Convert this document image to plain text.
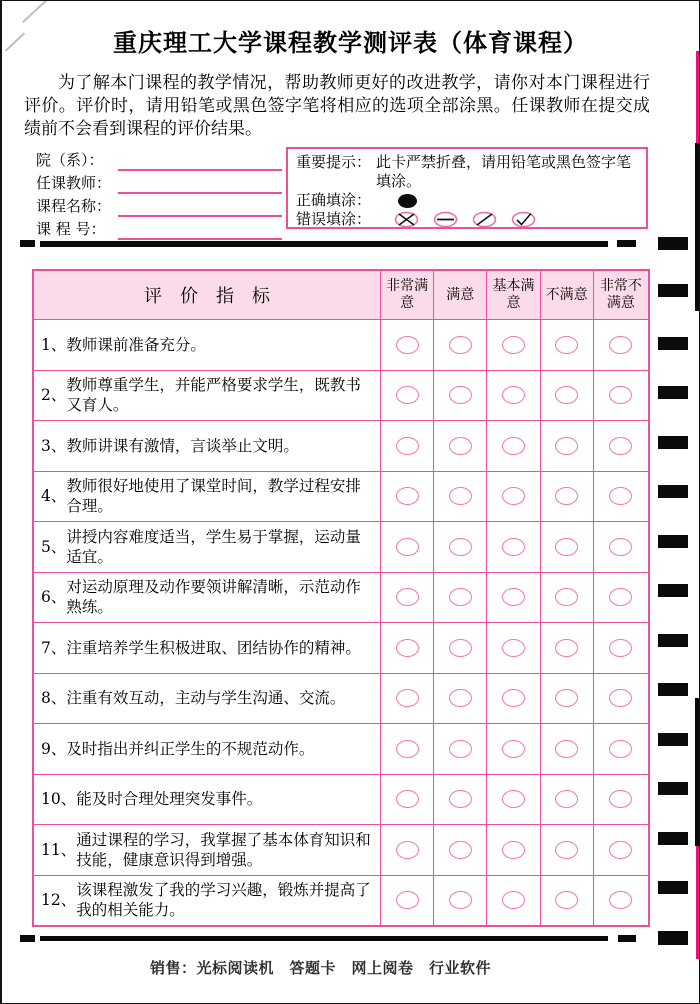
重庆理工大学课程教学测评表（体育课程）

为了解本门课程的教学情况，帮助教师更好的改进教学，请你对本门课程进行评价。评价时，请用铅笔或黑色签字笔将相应的选项全部涂黑。任课教师在提交成绩前不会看到课程的评价结果。

院（系）：
任课教师：
课程名称：
课 程 号：
重要提示： 此卡严禁折叠，请用铅笔或黑色签字笔填涂。
正确填涂：
错误填涂：
评　价　指　标	非常满意
满意
基本满意
不满意
非常不满意
1、 教师课前准备充分。
2、
教师尊重学生，并能严格要求学生，既教书又育人。
3、 教师讲课有激情，言谈举止文明。
4、
教师很好地使用了课堂时间，教学过程安排合理。
5、
讲授内容难度适当，学生易于掌握，运动量适宜。
6、
对运动原理及动作要领讲解清晰，示范动作熟练。
7、 注重培养学生积极进取、团结协作的精神。
8、 注重有效互动，主动与学生沟通、交流。
9、 及时指出并纠正学生的不规范动作。
10、 能及时合理处理突发事件。
11、
通过课程的学习，我掌握了基本体育知识和技能，健康意识得到增强。
12、
该课程激发了我的学习兴趣，锻炼并提高了我的相关能力。
销售：光标阅读机　答题卡　网上阅卷　行业软件
